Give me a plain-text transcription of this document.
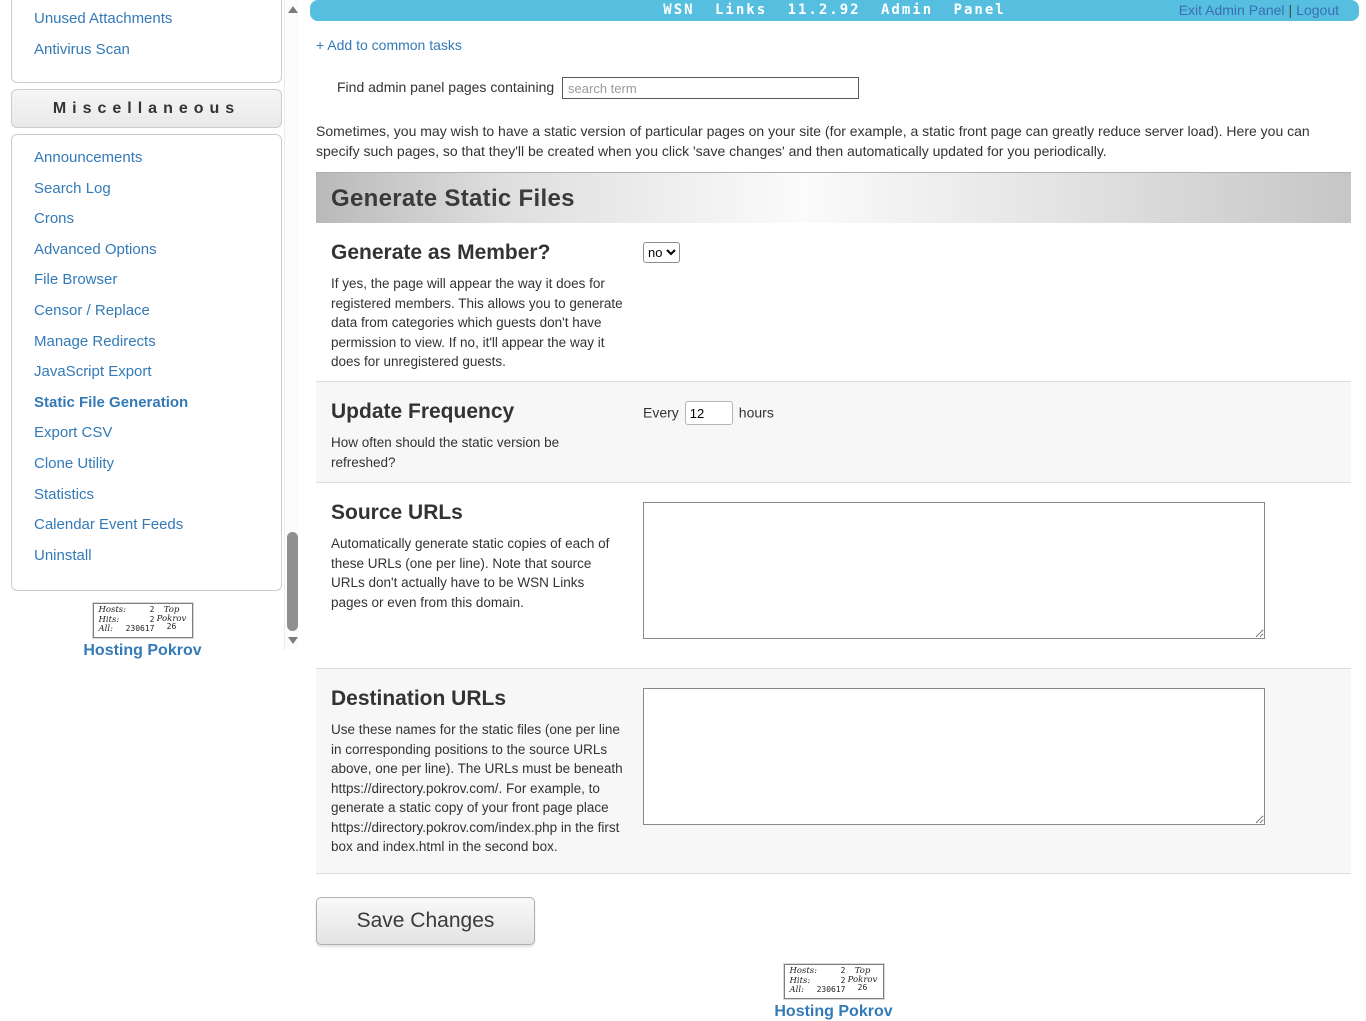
Unused Attachments
Antivirus Scan
Miscellaneous
Announcements
Search Log
Crons
Advanced Options
File Browser
Censor / Replace
Manage Redirects
JavaScript Export
Static File Generation
Export CSV
Clone Utility
Statistics
Calendar Event Feeds
Uninstall
Hosts:	2
Hits:	2
All: 230617
Top
Pokrov
26
Hosting Pokrov
WSN Links 11.2.92 Admin Panel	Exit Admin Panel | Logout
+ Add to common tasks
Find admin panel pages containing search term

Sometimes, you may wish to have a static version of particular pages on your site (for example, a static front page can greatly reduce server load). Here you can specify such pages, so that they'll be created when you click 'save changes' and then automatically updated for you periodically.

Generate Static Files
Generate as Member?
If yes, the page will appear the way it does for registered members. This allows you to generate data from categories which guests don't have permission to view. If no, it'll appear the way it does for unregistered guests.
no
Update Frequency
How often should the static version be refreshed?
Every12	hours
Source URLs
Automatically generate static copies of each of these URLs (one per line). Note that source URLs don't actually have to be WSN Links pages or even from this domain.
Destination URLs
Use these names for the static files (one per line in corresponding positions to the source URLs above, one per line). The URLs must be beneath https://directory.pokrov.com/. For example, to generate a static copy of your front page place https://directory.pokrov.com/index.php in the first box and index.html in the second box.
Save Changes
Hosts:	2
Hits:	2
All: 230617
Top
Pokrov
26
Hosting Pokrov
